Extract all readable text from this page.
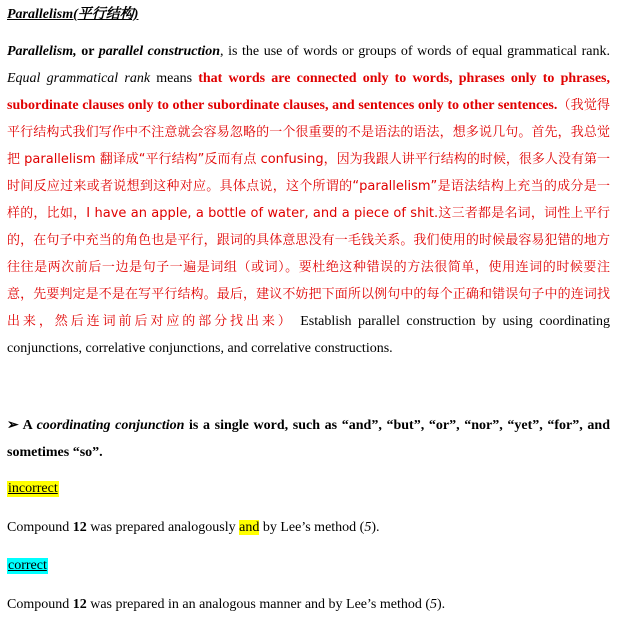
Parallelism(平行结构)
Parallelism, or parallel construction, is the use of words or groups of words of equal grammatical rank. Equal grammatical rank means that words are connected only to words, phrases only to phrases, subordinate clauses only to other subordinate clauses, and sentences only to other sentences.（我觉得平行结构式我们写作中不注意就会容易忽略的一个很重要的不是语法的语法，想多说几句。首先，我总觉把 parallelism 翻译成“平行结构”反而有点 confusing，因为我跟人讲平行结构的时候，很多人没有第一时间反应过来或者说想到这种对应。具体点说，这个所谓的“parallelism”是语法结构上充当的成分是一样的，比如，I have an apple, a bottle of water, and a piece of shit.这三者都是名词，词性上平行的，在句子中充当的角色也是平行，跟词的具体意思没有一毛钱关系。我们使用的时候最容易犯错的地方往往是两次前后一边是句子一遍是词组（或词）。要杜绝这种错误的方法很简单，使用连词的时候要注意，先要判定是不是在写平行结构。最后，建议不妨把下面所以例句中的每个正确和错误句子中的连词找出来，然后连词前后对应的部分找出来） Establish parallel construction by using coordinating conjunctions, correlative conjunctions, and correlative constructions.
➢ A coordinating conjunction is a single word, such as “and”, “but”, “or”, “nor”, “yet”, “for”, and sometimes “so”.
incorrect
Compound 12 was prepared analogously and by Lee’s method (5).
correct
Compound 12 was prepared in an analogous manner and by Lee’s method (5).
